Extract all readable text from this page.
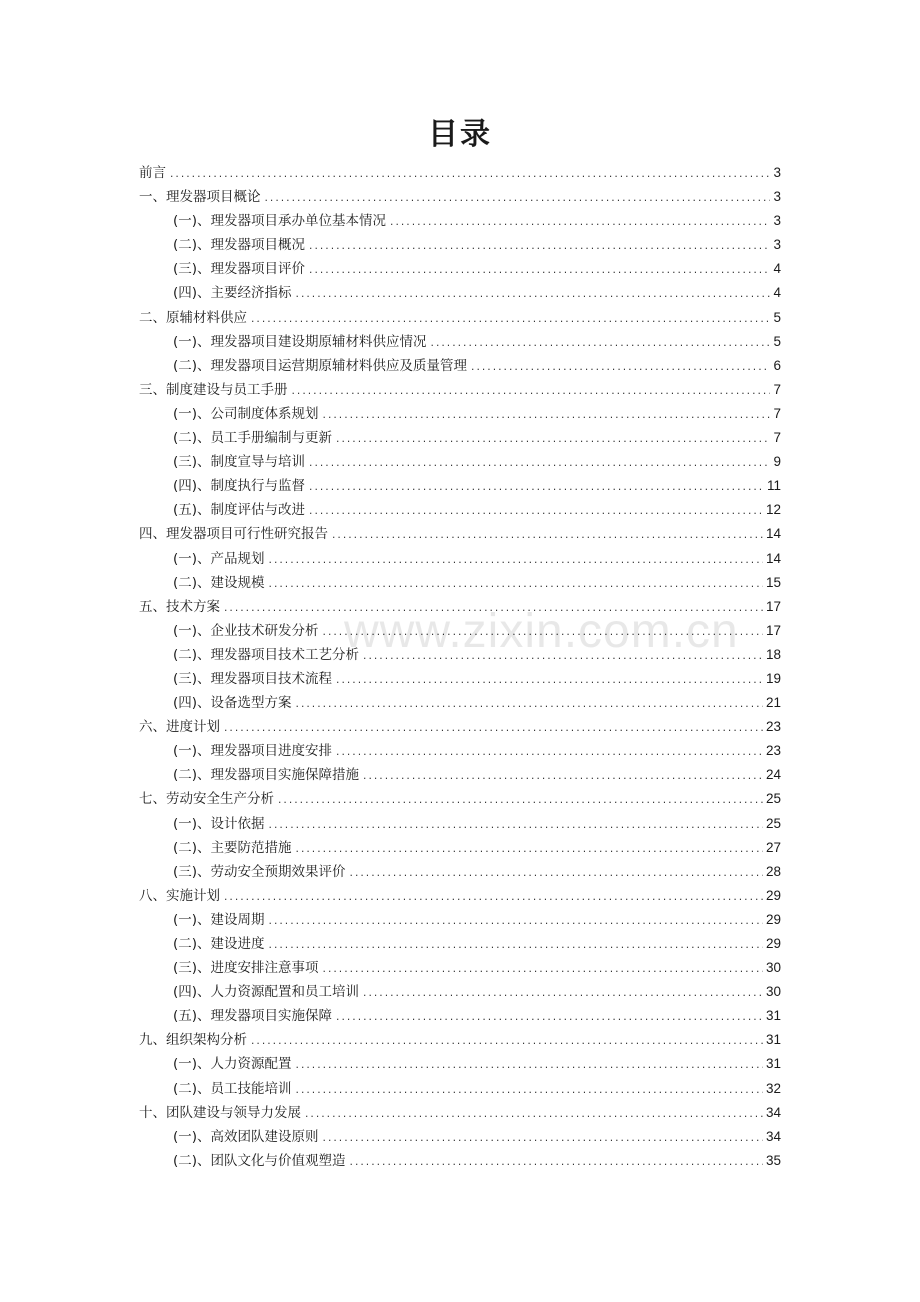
目录
前言 .....	3
一、理发器项目概论 .....	3
(一)、理发器项目承办单位基本情况 .....	3
(二)、理发器项目概况 .....	3
(三)、理发器项目评价 .....	4
(四)、主要经济指标 .....	4
二、原辅材料供应 .....	5
(一)、理发器项目建设期原辅材料供应情况 .....	5
(二)、理发器项目运营期原辅材料供应及质量管理 .....	6
三、制度建设与员工手册 .....	7
(一)、公司制度体系规划 .....	7
(二)、员工手册编制与更新 .....	7
(三)、制度宣导与培训 .....	9
(四)、制度执行与监督 .....	11
(五)、制度评估与改进 .....	12
四、理发器项目可行性研究报告 .....	14
(一)、产品规划 .....	14
(二)、建设规模 .....	15
五、技术方案 .....	17
(一)、企业技术研发分析 .....	17
(二)、理发器项目技术工艺分析 .....	18
(三)、理发器项目技术流程 .....	19
(四)、设备选型方案 .....	21
六、进度计划 .....	23
(一)、理发器项目进度安排 .....	23
(二)、理发器项目实施保障措施 .....	24
七、劳动安全生产分析 .....	25
(一)、设计依据 .....	25
(二)、主要防范措施 .....	27
(三)、劳动安全预期效果评价 .....	28
八、实施计划 .....	29
(一)、建设周期 .....	29
(二)、建设进度 .....	29
(三)、进度安排注意事项 .....	30
(四)、人力资源配置和员工培训 .....	30
(五)、理发器项目实施保障 .....	31
九、组织架构分析 .....	31
(一)、人力资源配置 .....	31
(二)、员工技能培训 .....	32
十、团队建设与领导力发展 .....	34
(一)、高效团队建设原则 .....	34
(二)、团队文化与价值观塑造 .....	35
www.zixin.com.cn
